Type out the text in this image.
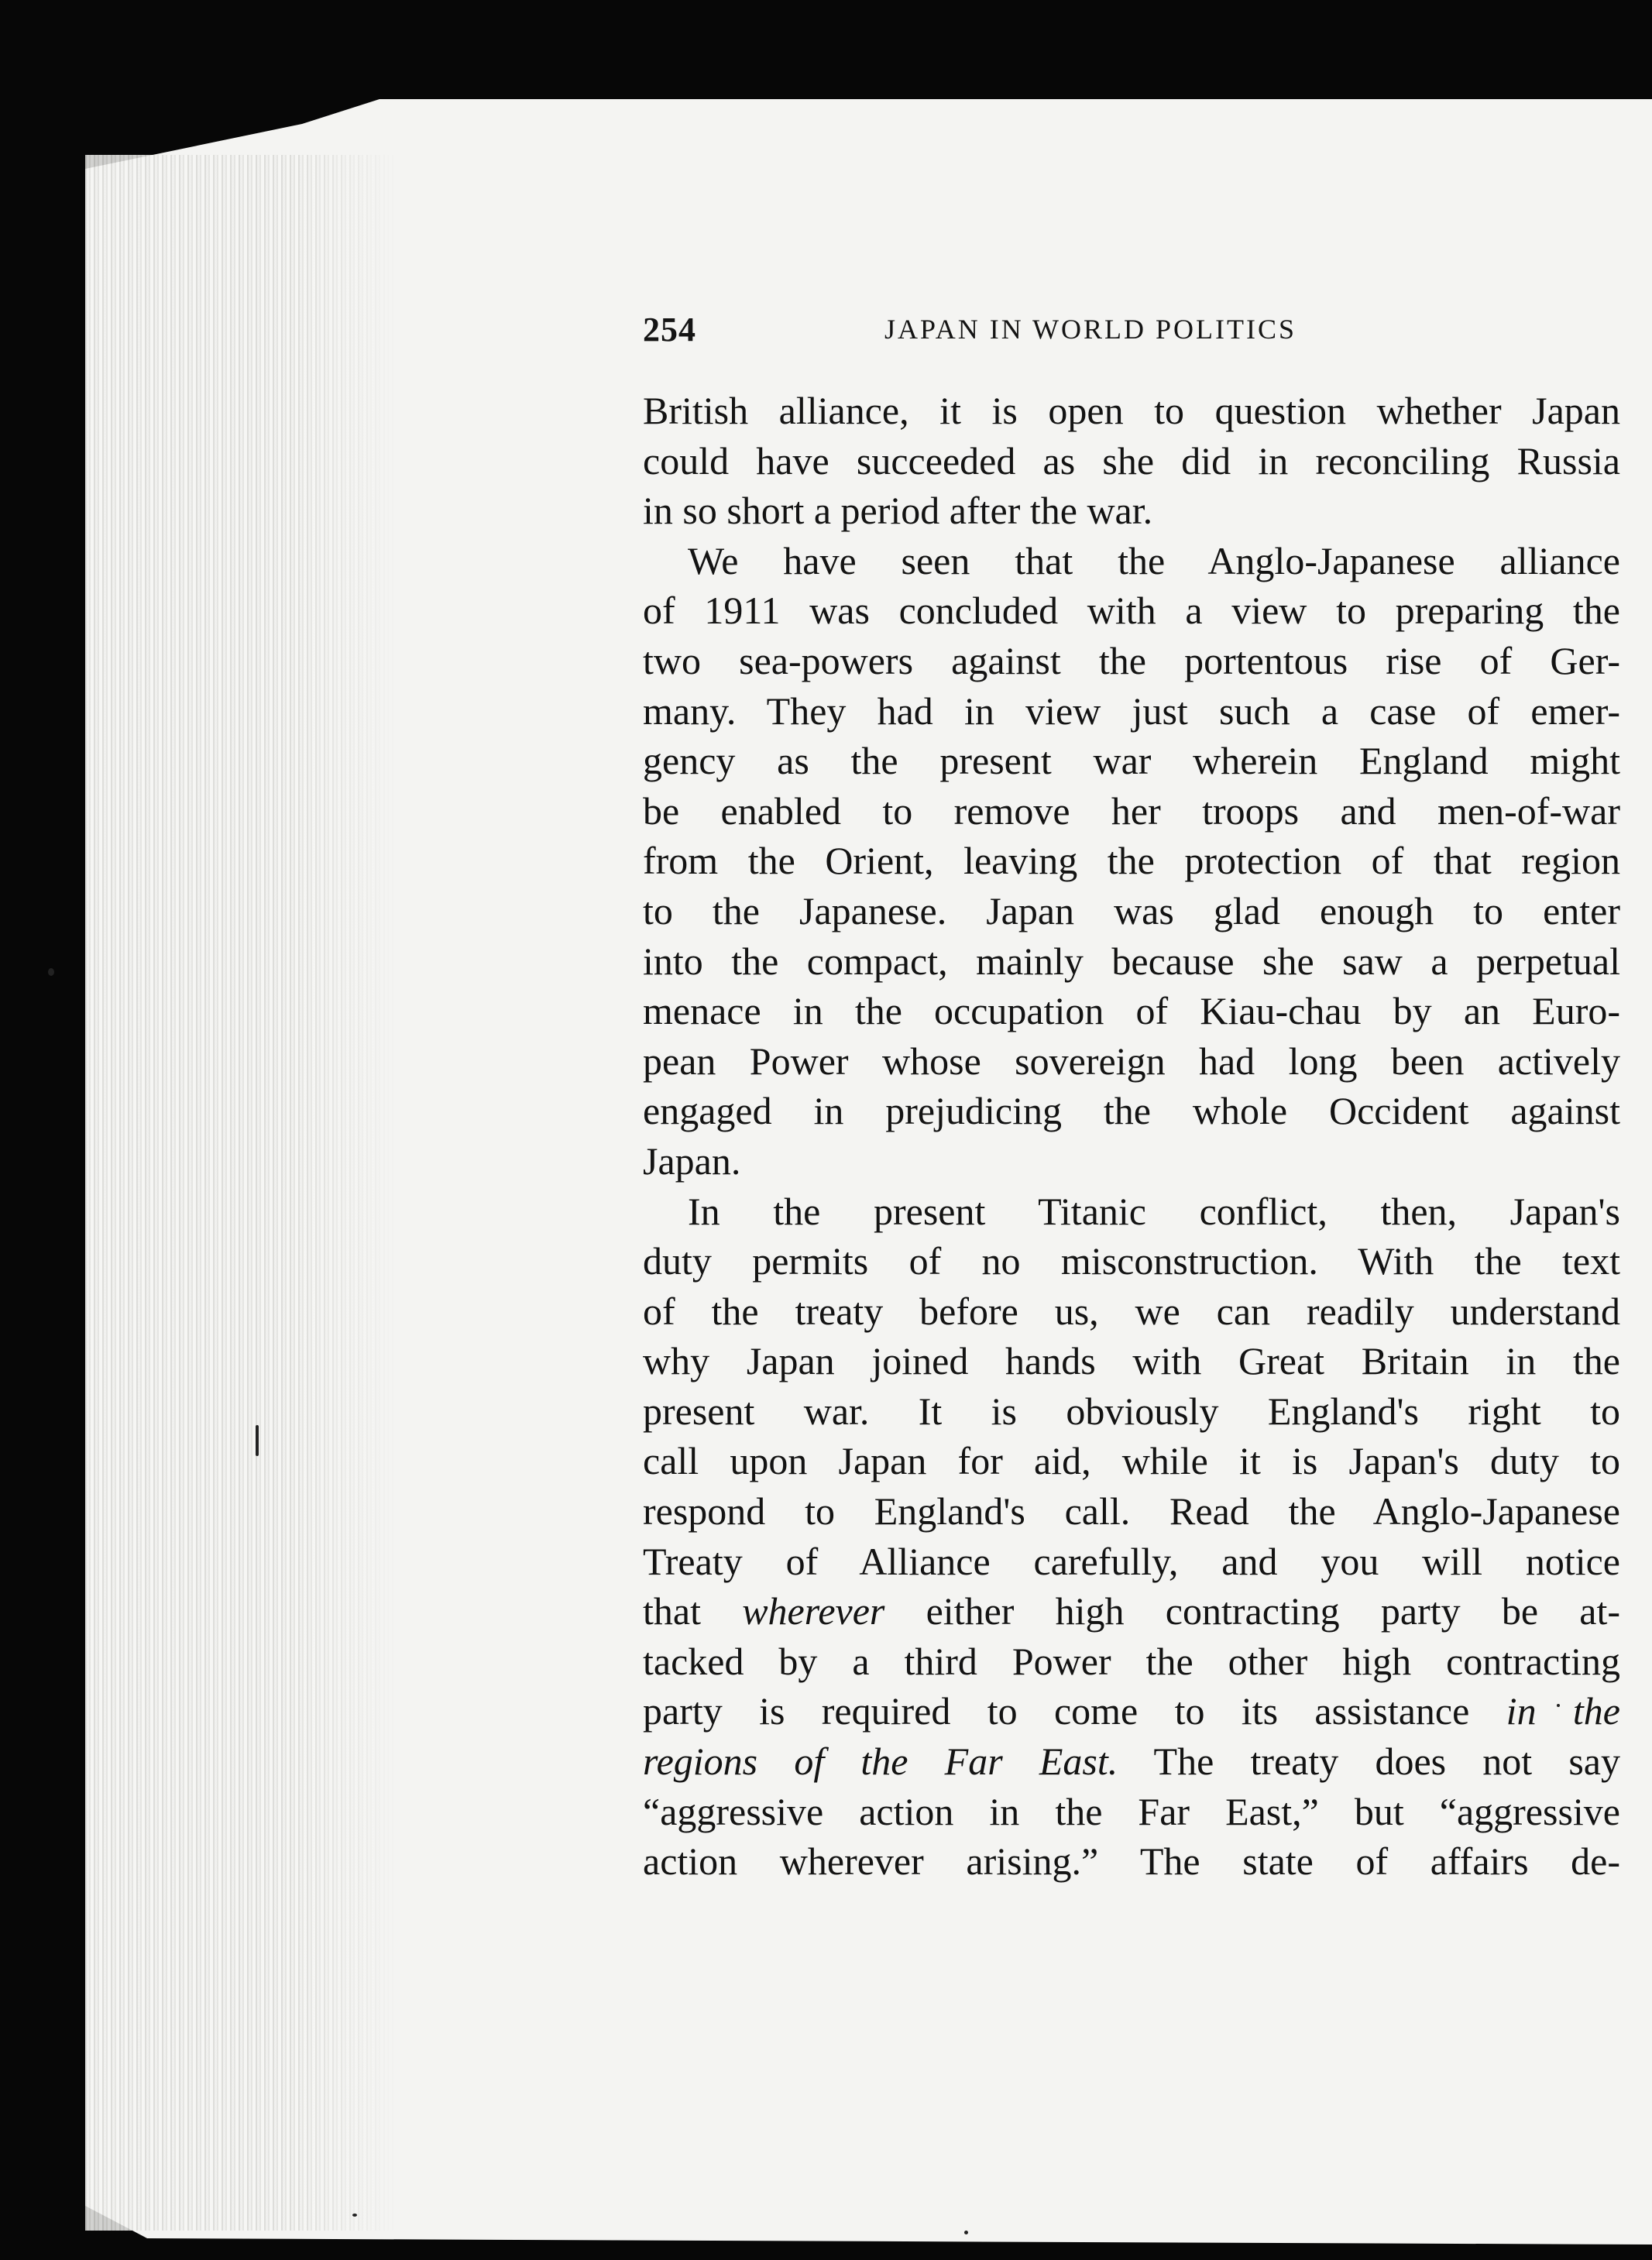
254	JAPAN IN WORLD POLITICS
British alliance, it is open to question whether Japan
could have succeeded as she did in reconciling Russia
in so short a period after the war.
We have seen that the Anglo-Japanese alliance
of 1911 was concluded with a view to preparing the
two sea-powers against the portentous rise of Ger-
many. They had in view just such a case of emer-
gency as the present war wherein England might
be enabled to remove her troops and men-of-war
from the Orient, leaving the protection of that region
to the Japanese. Japan was glad enough to enter
into the compact, mainly because she saw a perpetual
menace in the occupation of Kiau-chau by an Euro-
pean Power whose sovereign had long been actively
engaged in prejudicing the whole Occident against
Japan.
In the present Titanic conflict, then, Japan's
duty permits of no misconstruction. With the text
of the treaty before us, we can readily understand
why Japan joined hands with Great Britain in the
present war. It is obviously England's right to
call upon Japan for aid, while it is Japan's duty to
respond to England's call. Read the Anglo-Japanese
Treaty of Alliance carefully, and you will notice
that wherever either high contracting party be at-
tacked by a third Power the other high contracting
party is required to come to its assistance in the
regions of the Far East. The treaty does not say
“aggressive action in the Far East,” but “aggressive
action wherever arising.” The state of affairs de-
